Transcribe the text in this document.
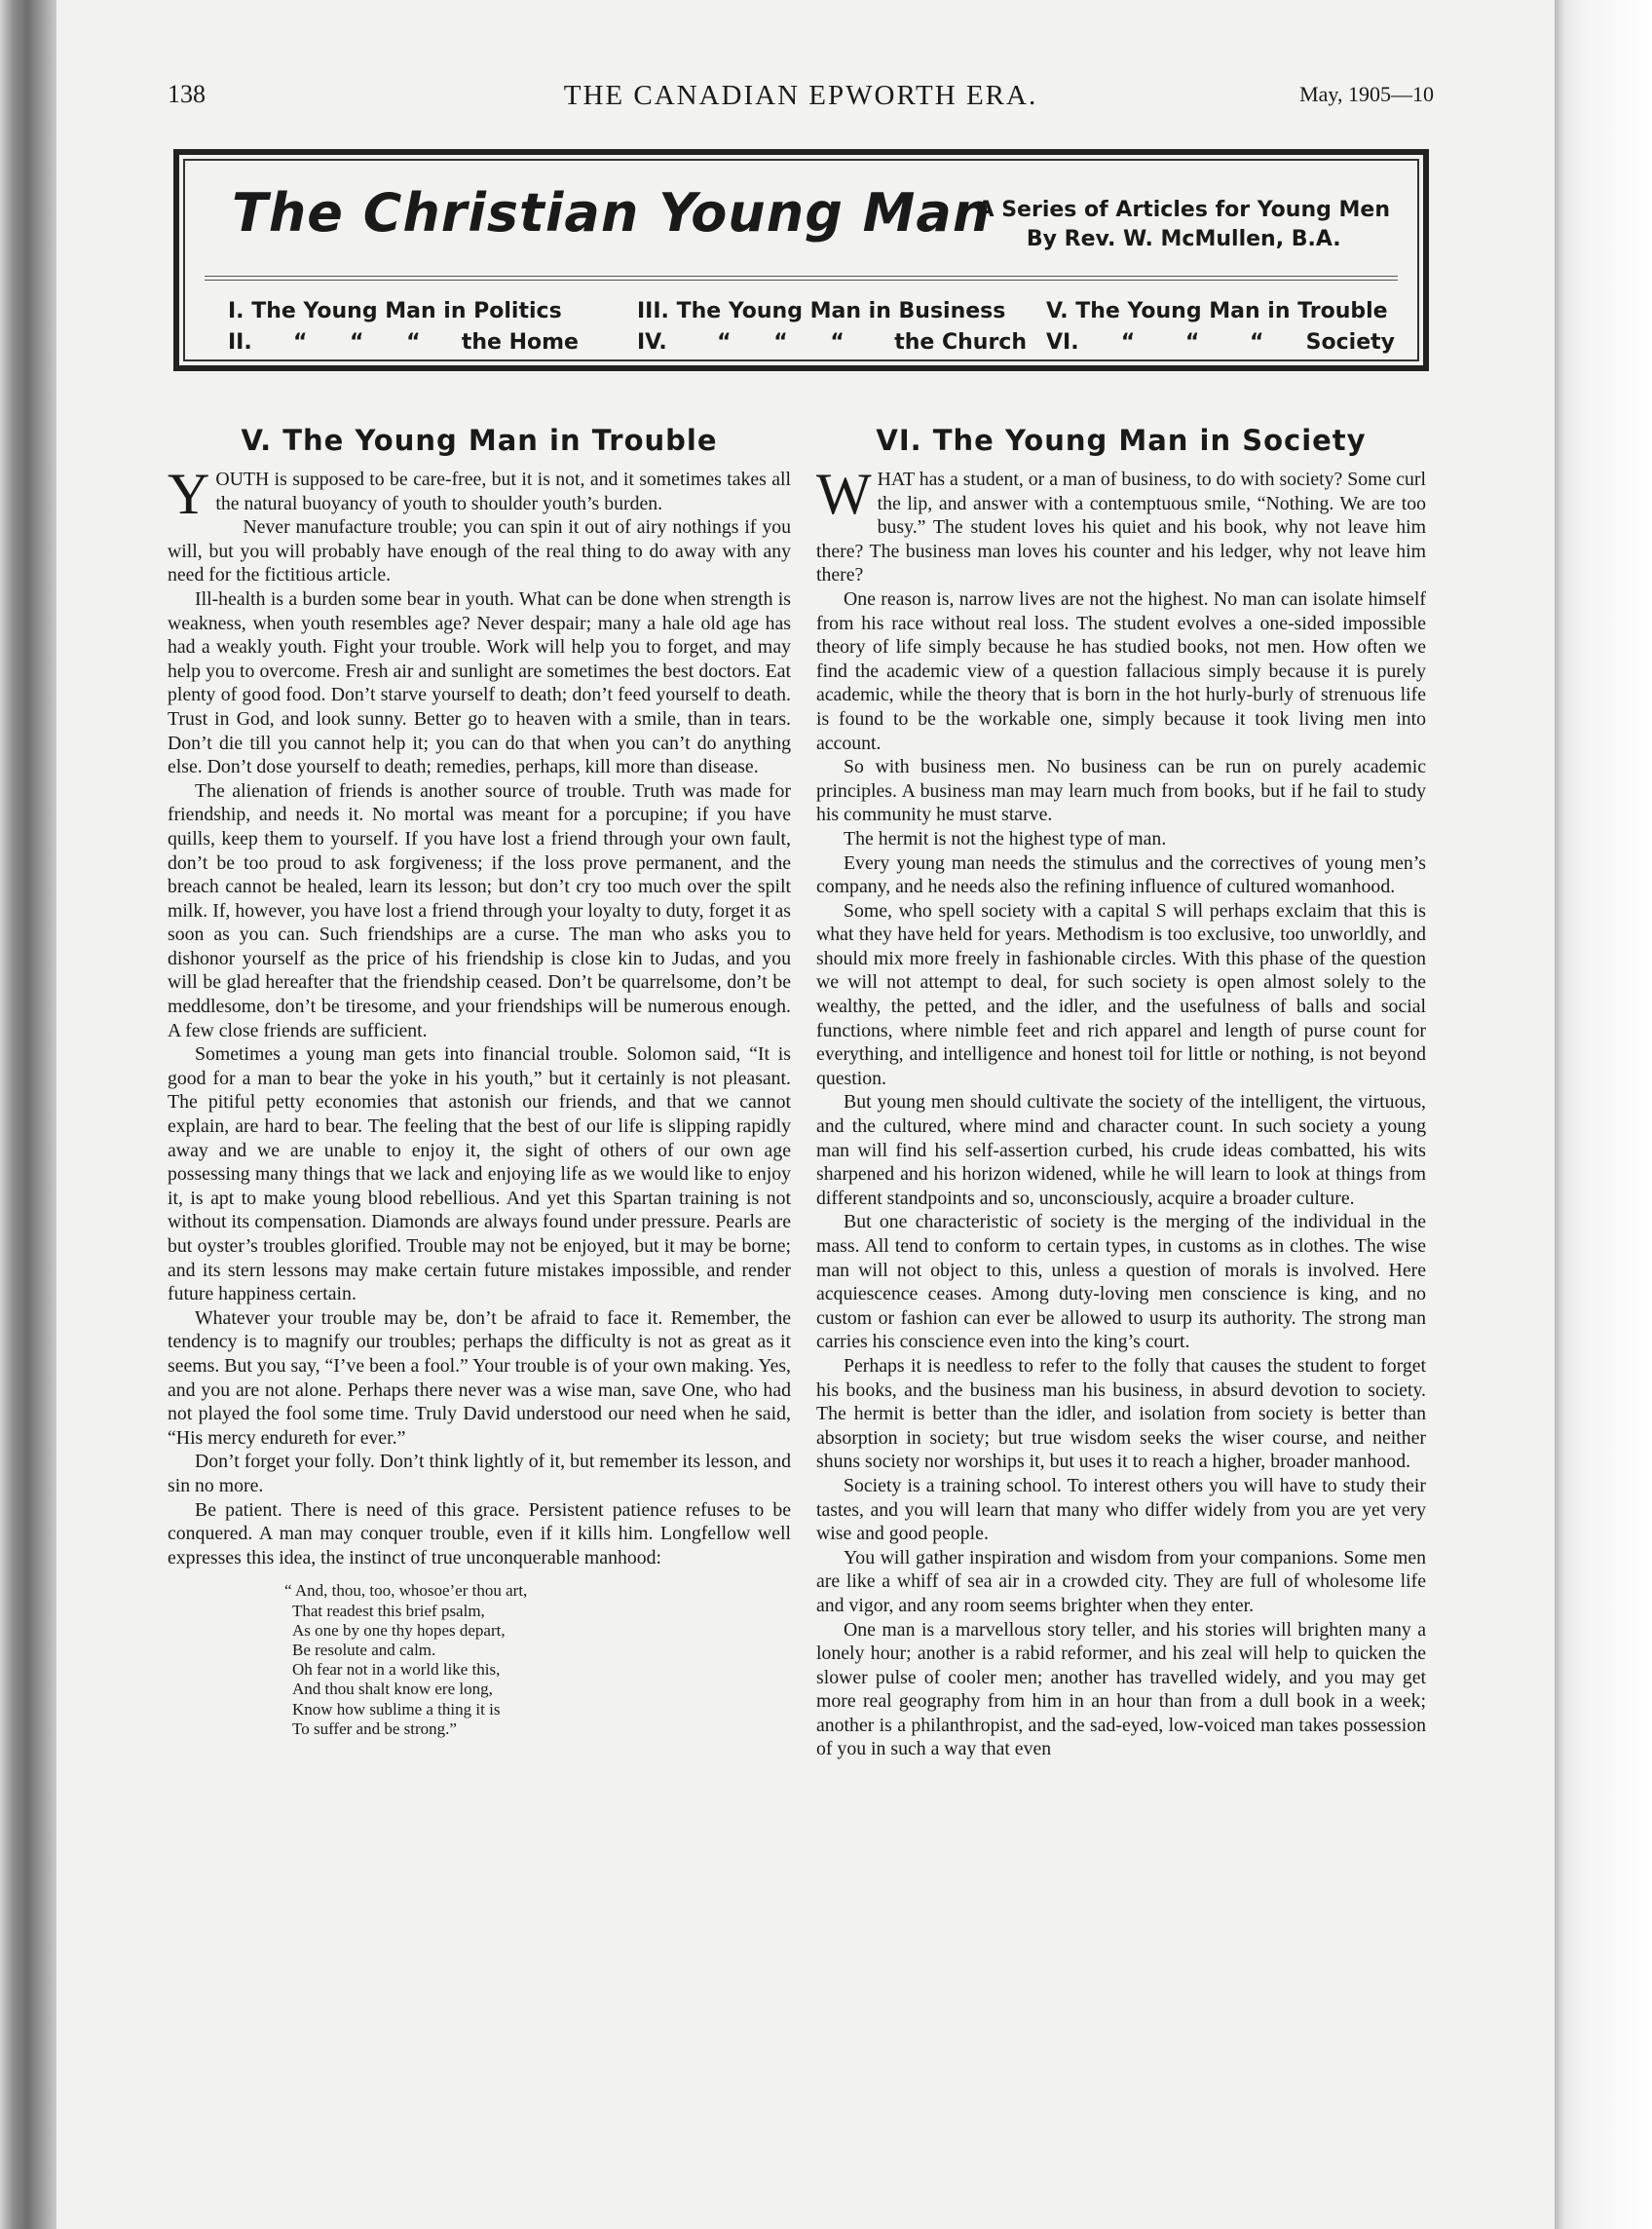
138	THE CANADIAN EPWORTH ERA.	May, 1905—10
The Christian Young Man
A Series of Articles for Young Men
By Rev. W. McMullen, B.A.
I. The Young Man in Politics	III. The Young Man in Business	V. The Young Man in Trouble
II. “ “ “ the Home	IV. “ “ “ the Church VI. “ “ “ Society
V. The Young Man in Trouble

YOUTH is supposed to be care-free, but it is not, and it sometimes takes all the natural buoyancy of youth to shoulder youth’s burden.

Never manufacture trouble; you can spin it out of airy nothings if you will, but you will probably have enough of the real thing to do away with any need for the fictitious article.

Ill-health is a burden some bear in youth. What can be done when strength is weakness, when youth resembles age? Never despair; many a hale old age has had a weakly youth. Fight your trouble. Work will help you to forget, and may help you to overcome. Fresh air and sunlight are sometimes the best doctors. Eat plenty of good food. Don’t starve yourself to death; don’t feed yourself to death. Trust in God, and look sunny. Better go to heaven with a smile, than in tears. Don’t die till you cannot help it; you can do that when you can’t do anything else. Don’t dose yourself to death; remedies, perhaps, kill more than disease.

The alienation of friends is another source of trouble. Truth was made for friendship, and needs it. No mortal was meant for a porcupine; if you have quills, keep them to yourself. If you have lost a friend through your own fault, don’t be too proud to ask forgiveness; if the loss prove permanent, and the breach cannot be healed, learn its lesson; but don’t cry too much over the spilt milk. If, however, you have lost a friend through your loyalty to duty, forget it as soon as you can. Such friendships are a curse. The man who asks you to dishonor yourself as the price of his friendship is close kin to Judas, and you will be glad hereafter that the friendship ceased. Don’t be quarrelsome, don’t be meddlesome, don’t be tiresome, and your friendships will be numerous enough. A few close friends are sufficient.

Sometimes a young man gets into financial trouble. Solomon said, “It is good for a man to bear the yoke in his youth,” but it certainly is not pleasant. The pitiful petty economies that astonish our friends, and that we cannot explain, are hard to bear. The feeling that the best of our life is slipping rapidly away and we are unable to enjoy it, the sight of others of our own age possessing many things that we lack and enjoying life as we would like to enjoy it, is apt to make young blood rebellious. And yet this Spartan training is not without its compensation. Diamonds are always found under pressure. Pearls are but oyster’s troubles glorified. Trouble may not be enjoyed, but it may be borne; and its stern lessons may make certain future mistakes impossible, and render future happiness certain.

Whatever your trouble may be, don’t be afraid to face it. Remember, the tendency is to magnify our troubles; perhaps the difficulty is not as great as it seems. But you say, “I’ve been a fool.” Your trouble is of your own making. Yes, and you are not alone. Perhaps there never was a wise man, save One, who had not played the fool some time. Truly David understood our need when he said, “His mercy endureth for ever.”

Don’t forget your folly. Don’t think lightly of it, but remember its lesson, and sin no more.

Be patient. There is need of this grace. Persistent patience refuses to be conquered. A man may conquer trouble, even if it kills him. Longfellow well expresses this idea, the instinct of true unconquerable manhood:

“ And, thou, too, whosoe’er thou art,
That readest this brief psalm,
As one by one thy hopes depart,
Be resolute and calm.
Oh fear not in a world like this,
And thou shalt know ere long,
Know how sublime a thing it is
To suffer and be strong.”
VI. The Young Man in Society

WHAT has a student, or a man of business, to do with society? Some curl the lip, and answer with a contemptuous smile, “Nothing. We are too busy.” The student loves his quiet and his book, why not leave him there? The business man loves his counter and his ledger, why not leave him there?

One reason is, narrow lives are not the highest. No man can isolate himself from his race without real loss. The student evolves a one-sided impossible theory of life simply because he has studied books, not men. How often we find the academic view of a question fallacious simply because it is purely academic, while the theory that is born in the hot hurly-burly of strenuous life is found to be the workable one, simply because it took living men into account.

So with business men. No business can be run on purely academic principles. A business man may learn much from books, but if he fail to study his community he must starve.

The hermit is not the highest type of man.

Every young man needs the stimulus and the correctives of young men’s company, and he needs also the refining influence of cultured womanhood.

Some, who spell society with a capital S will perhaps exclaim that this is what they have held for years. Methodism is too exclusive, too unworldly, and should mix more freely in fashionable circles. With this phase of the question we will not attempt to deal, for such society is open almost solely to the wealthy, the petted, and the idler, and the usefulness of balls and social functions, where nimble feet and rich apparel and length of purse count for everything, and intelligence and honest toil for little or nothing, is not beyond question.

But young men should cultivate the society of the intelligent, the virtuous, and the cultured, where mind and character count. In such society a young man will find his self-assertion curbed, his crude ideas combatted, his wits sharpened and his horizon widened, while he will learn to look at things from different standpoints and so, unconsciously, acquire a broader culture.

But one characteristic of society is the merging of the individual in the mass. All tend to conform to certain types, in customs as in clothes. The wise man will not object to this, unless a question of morals is involved. Here acquiescence ceases. Among duty-loving men conscience is king, and no custom or fashion can ever be allowed to usurp its authority. The strong man carries his conscience even into the king’s court.

Perhaps it is needless to refer to the folly that causes the student to forget his books, and the business man his business, in absurd devotion to society. The hermit is better than the idler, and isolation from society is better than absorption in society; but true wisdom seeks the wiser course, and neither shuns society nor worships it, but uses it to reach a higher, broader manhood.

Society is a training school. To interest others you will have to study their tastes, and you will learn that many who differ widely from you are yet very wise and good people.

You will gather inspiration and wisdom from your companions. Some men are like a whiff of sea air in a crowded city. They are full of wholesome life and vigor, and any room seems brighter when they enter.

One man is a marvellous story teller, and his stories will brighten many a lonely hour; another is a rabid reformer, and his zeal will help to quicken the slower pulse of cooler men; another has travelled widely, and you may get more real geography from him in an hour than from a dull book in a week; another is a philanthropist, and the sad-eyed, low-voiced man takes possession of you in such a way that even
